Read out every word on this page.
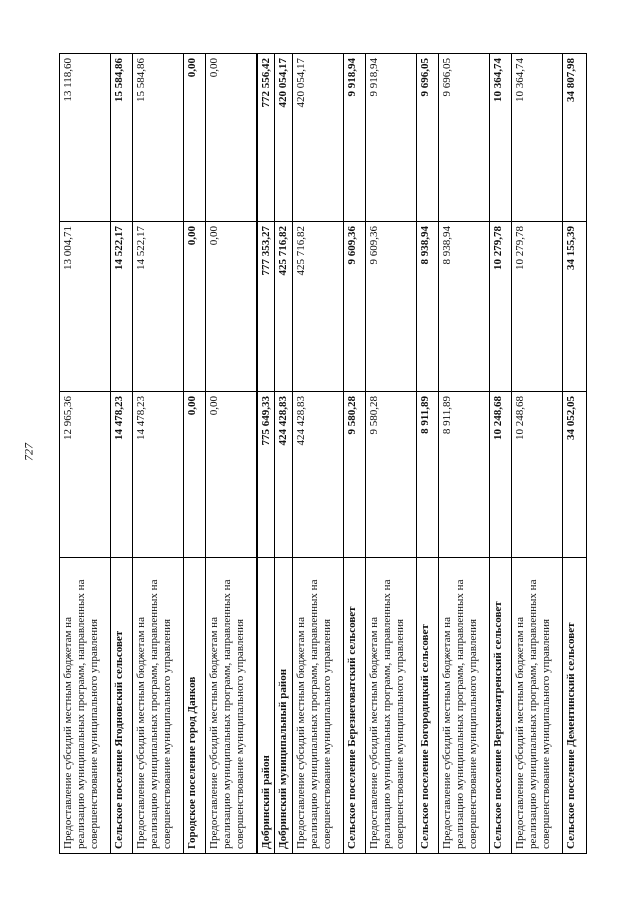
727
Предоставление субсидий местным бюджетам на реализацию муниципальных программ, направленных на совершенствование муниципального управления	12 965,36	13 004,71	13 118,60
Сельское поселение Ягодновский сельсовет	14 478,23	14 522,17	15 584,86
Предоставление субсидий местным бюджетам на реализацию муниципальных программ, направленных на совершенствование муниципального управления	14 478,23	14 522,17	15 584,86
Городское поселение город Данков	0,00	0,00	0,00
Предоставление субсидий местным бюджетам на реализацию муниципальных программ, направленных на совершенствование муниципального управления	0,00	0,00	0,00
Добринский район	775 649,33	777 353,27	772 556,42
Добринский муниципальный район	424 428,83	425 716,82	420 054,17
Предоставление субсидий местным бюджетам на реализацию муниципальных программ, направленных на совершенствование муниципального управления	424 428,83	425 716,82	420 054,17
Сельское поселение Березнеговатский сельсовет	9 580,28	9 609,36	9 918,94
Предоставление субсидий местным бюджетам на реализацию муниципальных программ, направленных на совершенствование муниципального управления	9 580,28	9 609,36	9 918,94
Сельское поселение Богородицкий сельсовет	8 911,89	8 938,94	9 696,05
Предоставление субсидий местным бюджетам на реализацию муниципальных программ, направленных на совершенствование муниципального управления	8 911,89	8 938,94	9 696,05
Сельское поселение Верхнематренский сельсовет	10 248,68	10 279,78	10 364,74
Предоставление субсидий местным бюджетам на реализацию муниципальных программ, направленных на совершенствование муниципального управления	10 248,68	10 279,78	10 364,74
Сельское поселение Дементинский сельсовет	34 052,05	34 155,39	34 807,98
